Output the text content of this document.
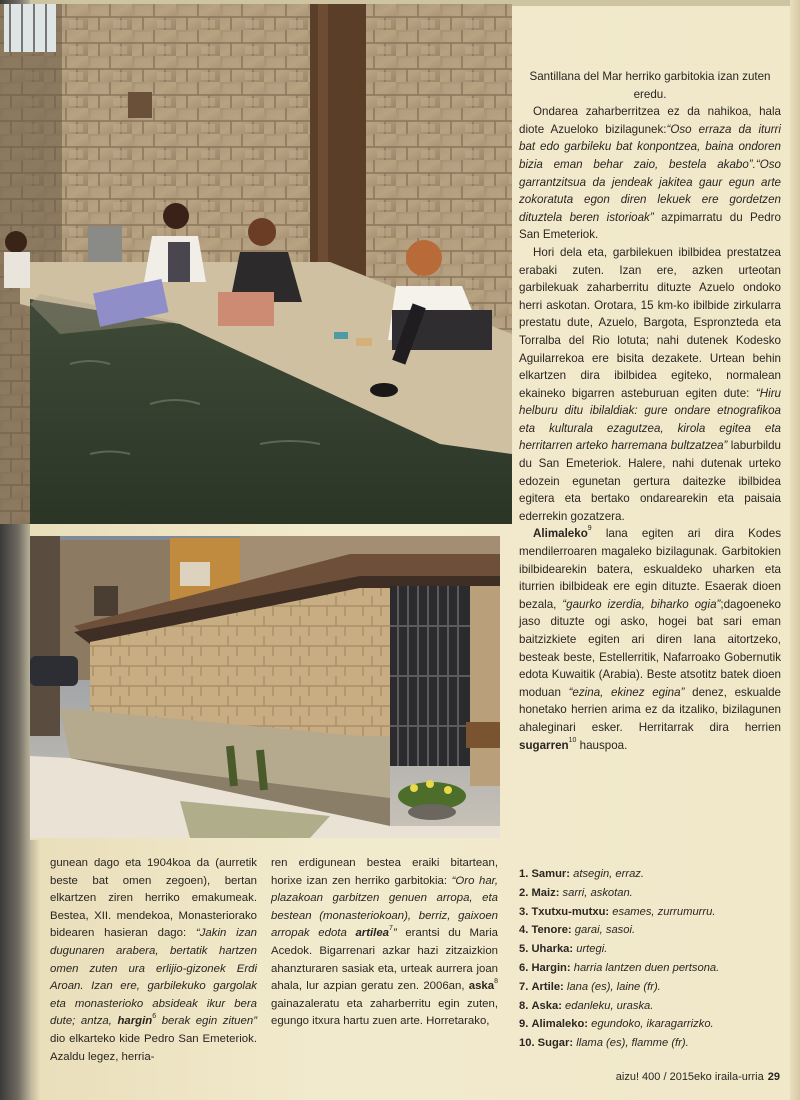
Santillana del Mar herriko garbitokia izan zuten eredu.

Ondarea zaharberritzea ez da nahikoa, hala diote Azueloko bizilagunek:“Oso erraza da iturri bat edo garbileku bat konpontzea, baina ondoren bizia eman behar zaio, bestela akabo”.“Oso garrantzitsua da jendeak jakitea gaur egun arte zokoratuta egon diren lekuek ere gordetzen dituztela beren istorioak” azpimarratu du Pedro San Emeteriok.

Hori dela eta, garbilekuen ibilbidea prestatzea erabaki zuten. Izan ere, azken urteotan garbilekuak zaharberritu dituzte Azuelo ondoko herri askotan. Orotara, 15 km-ko ibilbide zirkularra prestatu dute, Azuelo, Bargota, Espronzteda eta Torralba del Rio lotuta; nahi dutenek Kodesko Aguilarrekoa ere bisita dezakete. Urtean behin elkartzen dira ibilbidea egiteko, normalean ekaineko bigarren asteburuan egiten dute: “Hiru helburu ditu ibilaldiak: gure ondare etnografikoa eta kulturala ezagutzea, kirola egitea eta herritarren arteko harremana bultzatzea” laburbildu du San Emeteriok. Halere, nahi dutenak urteko edozein egunetan gertura daitezke ibilbidea egitera eta bertako ondarearekin eta paisaia ederrekin gozatzera.

Alimaleko$^9$ lana egiten ari dira Kodes mendilerroaren magaleko bizilagunak. Garbitokien ibilbidearekin batera, eskualdeko uharken eta iturrien ibilbideak ere egin dituzte. Esaerak dioen bezala, “gaurko izerdia, biharko ogia”;dagoeneko jaso dituzte ogi asko, hogei bat sari eman baitzizkiete egiten ari diren lana aitortzeko, besteak beste, Estellerritik, Nafarroako Gobernutik edota Kuwaitik (Arabia). Beste atsotitz batek dioen moduan “ezina, ekinez egina” denez, eskualde honetako herrien arima ez da itzaliko, bizilagunen ahaleginari esker. Herritarrak dira herrien sugarren$^{10}$ hauspoa.

gunean dago eta 1904koa da (aurretik beste bat omen zegoen), bertan elkartzen ziren herriko emakumeak. Bestea, XII. mendekoa, Monasteriorako bidearen hasieran dago: “Jakin izan dugunaren arabera, bertatik hartzen omen zuten ura erlijio-gizonek Erdi Aroan. Izan ere, garbilekuko gargolak eta monasterioko absideak ikur bera dute; antza, hargin$^6$ berak egin zituen” dio elkarteko kide Pedro San Emeteriok. Azaldu legez, herria-
ren erdigunean bestea eraiki bitartean, horixe izan zen herriko garbitokia: “Oro har, plazakoan garbitzen genuen arropa, eta bestean (monasteriokoan), berriz, gaixoen arropak edota artilea$^7$” erantsi du Maria Acedok. Bigarrenari azkar hazi zitzaizkion ahanzturaren sasiak eta, urteak aurrera joan ahala, lur azpian geratu zen. 2006an, aska$^8$ gainazaleratu eta zaharberritu egin zuten, egungo itxura hartu zuen arte. Horretarako,
1. Samur: atsegin, erraz.
2. Maiz: sarri, askotan.
3. Txutxu-mutxu: esames, zurrumurru.
4. Tenore: garai, sasoi.
5. Uharka: urtegi.
6. Hargin: harria lantzen duen pertsona.
7. Artile: lana (es), laine (fr).
8. Aska: edanleku, uraska.
9. Alimaleko: egundoko, ikaragarrizko.
10. Sugar: llama (es), flamme (fr).
aizu! 400 / 2015eko iraila-urria 29
